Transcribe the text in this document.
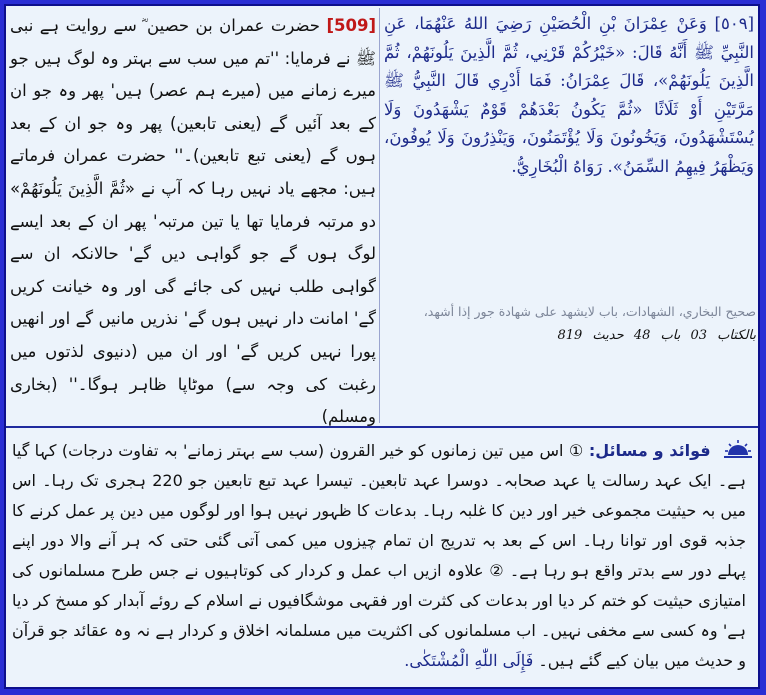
[509] حضرت عمران بن حصین ؓ سے روایت ہے نبی ﷺ نے فرمایا: ''تم میں سب سے بہتر وہ لوگ ہیں جو میرے زمانے میں (میرے ہم عصر) ہیں' پھر وہ جو ان کے بعد آئیں گے (یعنی تابعین) پھر وہ جو ان کے بعد ہوں گے (یعنی تبع تابعین)۔'' حضرت عمران فرماتے ہیں: مجھے یاد نہیں رہا کہ آپ نے «ثُمَّ الَّذِينَ يَلُونَهُمْ» دو مرتبہ فرمایا تھا یا تین مرتبہ' پھر ان کے بعد ایسے لوگ ہوں گے جو گواہی دیں گے' حالانکہ ان سے گواہی طلب نہیں کی جائے گی اور وہ خیانت کریں گے' امانت دار نہیں ہوں گے' نذریں مانیں گے اور انھیں پورا نہیں کریں گے' اور ان میں (دنیوی لذتوں میں رغبت کی وجہ سے) موٹاپا ظاہر ہوگا۔'' (بخاری ومسلم)
[٥٠٩] وَعَنْ عِمْرَانَ بْنِ الْحُصَيْنِ رَضِيَ اللهُ عَنْهُمَا، عَنِ النَّبِيِّ ﷺ أَنَّهُ قَالَ: «خَيْرُكُمْ قَرْنِي، ثُمَّ الَّذِينَ يَلُونَهُمْ، ثُمَّ الَّذِينَ يَلُونَهُمْ»، قَالَ عِمْرَانُ: فَمَا أَدْرِي قَالَ النَّبِيُّ ﷺ مَرَّتَيْنِ أَوْ ثَلَاثًا «ثُمَّ يَكُونُ بَعْدَهُمْ قَوْمٌ يَشْهَدُونَ وَلَا يُسْتَشْهَدُونَ، وَيَخُونُونَ وَلَا يُؤْتَمَنُونَ، وَيَنْذِرُونَ وَلَا يُوفُونَ، وَيَظْهَرُ فِيهِمُ السِّمَنُ». رَوَاهُ الْبُخَارِيُّ.
صحيح البخاري، الشهادات، باب لايشهد على شهادة جور إذا أشهد،
بالكتاب 03 باب 48 حديث 819
فوائد و مسائل: ① اس میں تین زمانوں کو خیر القرون (سب سے بہتر زمانے' بہ تفاوت درجات) کہا گیا ہے۔ ایک عہد رسالت یا عہد صحابہ۔ دوسرا عہد تابعین۔ تیسرا عہد تبع تابعین جو 220 ہجری تک رہا۔ اس میں بہ حیثیت مجموعی خیر اور دین کا غلبہ رہا۔ بدعات کا ظہور نہیں ہوا اور لوگوں میں دین پر عمل کرنے کا جذبہ قوی اور توانا رہا۔ اس کے بعد بہ تدریج ان تمام چیزوں میں کمی آتی گئی حتی کہ ہر آنے والا دور اپنے پہلے دور سے بدتر واقع ہو رہا ہے۔ ② علاوہ ازیں اب عمل و کردار کی کوتاہیوں نے جس طرح مسلمانوں کی امتیازی حیثیت کو ختم کر دیا اور بدعات کی کثرت اور فقہی موشگافیوں نے اسلام کے روئے آبدار کو مسخ کر دیا ہے' وہ کسی سے مخفی نہیں۔ اب مسلمانوں کی اکثریت میں مسلمانہ اخلاق و کردار ہے نہ وہ عقائد جو قرآن و حدیث میں بیان کیے گئے ہیں۔ فَإِلَى اللّٰهِ الْمُشْتَكٰى.
